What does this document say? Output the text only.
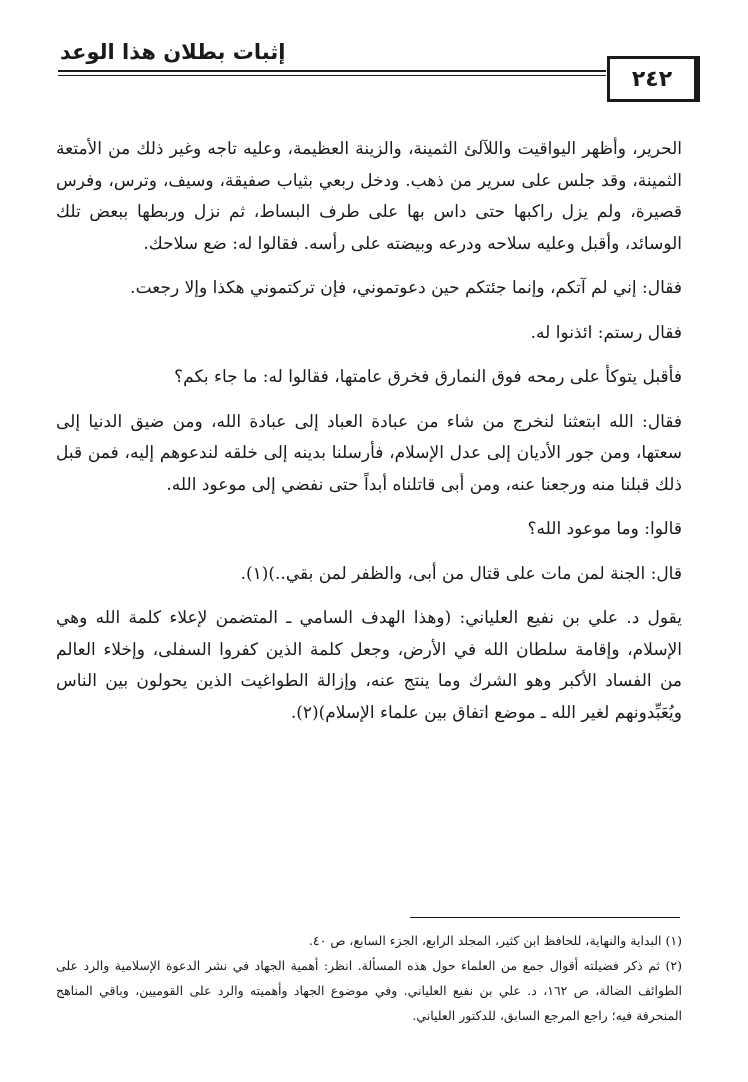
إثبات بطلان هذا الوعد
٢٤٢

الحرير، وأظهر اليواقيت واللآلئ الثمينة، والزينة العظيمة، وعليه تاجه وغير ذلك من الأمتعة الثمينة، وقد جلس على سرير من ذهب. ودخل ربعي بثياب صفيقة، وسيف، وترس، وفرس قصيرة، ولم يزل راكبها حتى داس بها على طرف البساط، ثم نزل وربطها ببعض تلك الوسائد، وأقبل وعليه سلاحه ودرعه وبيضته على رأسه. فقالوا له: ضع سلاحك.

فقال: إني لم آتكم، وإنما جئتكم حين دعوتموني، فإن تركتموني هكذا وإلا رجعت.

فقال رستم: ائذنوا له.

فأقبل يتوكأ على رمحه فوق النمارق فخرق عامتها، فقالوا له: ما جاء بكم؟

فقال: الله ابتعثنا لنخرج من شاء من عبادة العباد إلى عبادة الله، ومن ضيق الدنيا إلى سعتها، ومن جور الأديان إلى عدل الإسلام، فأرسلنا بدينه إلى خلقه لندعوهم إليه، فمن قبل ذلك قبلنا منه ورجعنا عنه، ومن أبى قاتلناه أبداً حتى نفضي إلى موعود الله.

قالوا: وما موعود الله؟

قال: الجنة لمن مات على قتال من أبى، والظفر لمن بقي..)(١).

يقول د. علي بن نفيع العلياني: (وهذا الهدف السامي ـ المتضمن لإعلاء كلمة الله وهي الإسلام، وإقامة سلطان الله في الأرض، وجعل كلمة الذين كفروا السفلى، وإخلاء العالم من الفساد الأكبر وهو الشرك وما ينتج عنه، وإزالة الطواغيت الذين يحولون بين الناس ويُعَبِّدونهم لغير الله ـ موضع اتفاق بين علماء الإسلام)(٢).

(١) البداية والنهاية، للحافظ ابن كثير، المجلد الرابع، الجزء السابع، ص ٤٠.

(٢) ثم ذكر فضيلته أقوال جمع من العلماء حول هذه المسألة. انظر: أهمية الجهاد في نشر الدعوة الإسلامية والرد على الطوائف الضالة، ص ١٦٢، د. علي بن نفيع العلياني. وفي موضوع الجهاد وأهميته والرد على القوميين، وباقي المناهج المنحرفة فيه؛ راجع المرجع السابق، للدكتور العلياني.
